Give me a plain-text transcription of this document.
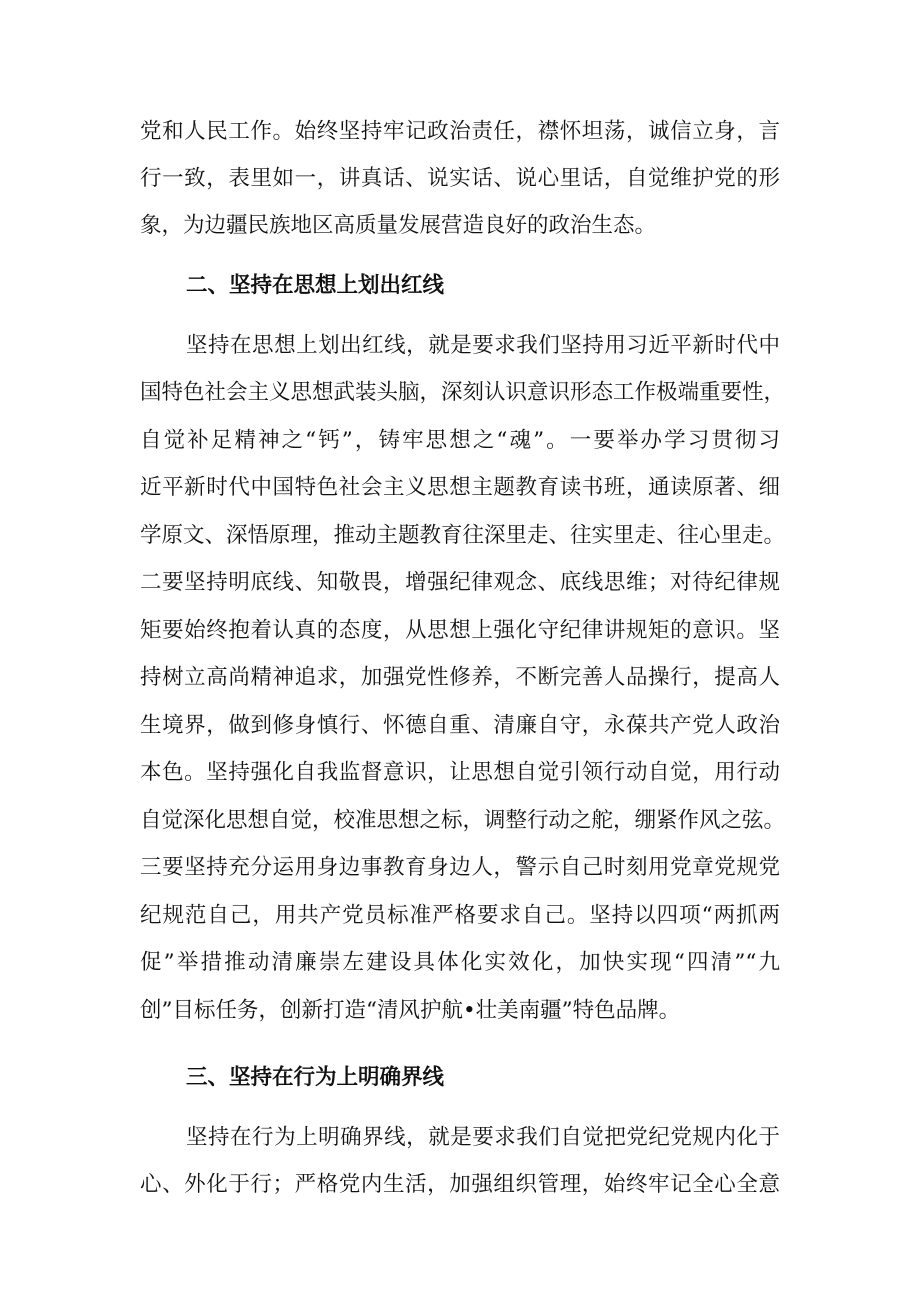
党和人民工作。始终坚持牢记政治责任，襟怀坦荡，诚信立身，言
行一致，表里如一，讲真话、说实话、说心里话，自觉维护党的形
象，为边疆民族地区高质量发展营造良好的政治生态。
二、坚持在思想上划出红线
坚持在思想上划出红线，就是要求我们坚持用习近平新时代中
国特色社会主义思想武装头脑，深刻认识意识形态工作极端重要性，
自觉补足精神之“钙”，铸牢思想之“魂”。一要举办学习贯彻习
近平新时代中国特色社会主义思想主题教育读书班，通读原著、细
学原文、深悟原理，推动主题教育往深里走、往实里走、往心里走。
二要坚持明底线、知敬畏，增强纪律观念、底线思维；对待纪律规
矩要始终抱着认真的态度，从思想上强化守纪律讲规矩的意识。坚
持树立高尚精神追求，加强党性修养，不断完善人品操行，提高人
生境界，做到修身慎行、怀德自重、清廉自守，永葆共产党人政治
本色。坚持强化自我监督意识，让思想自觉引领行动自觉，用行动
自觉深化思想自觉，校准思想之标，调整行动之舵，绷紧作风之弦。
三要坚持充分运用身边事教育身边人，警示自己时刻用党章党规党
纪规范自己，用共产党员标准严格要求自己。坚持以四项“两抓两
促”举措推动清廉崇左建设具体化实效化，加快实现“四清”“九
创”目标任务，创新打造“清风护航•壮美南疆”特色品牌。
三、坚持在行为上明确界线
坚持在行为上明确界线，就是要求我们自觉把党纪党规内化于
心、外化于行；严格党内生活，加强组织管理，始终牢记全心全意
